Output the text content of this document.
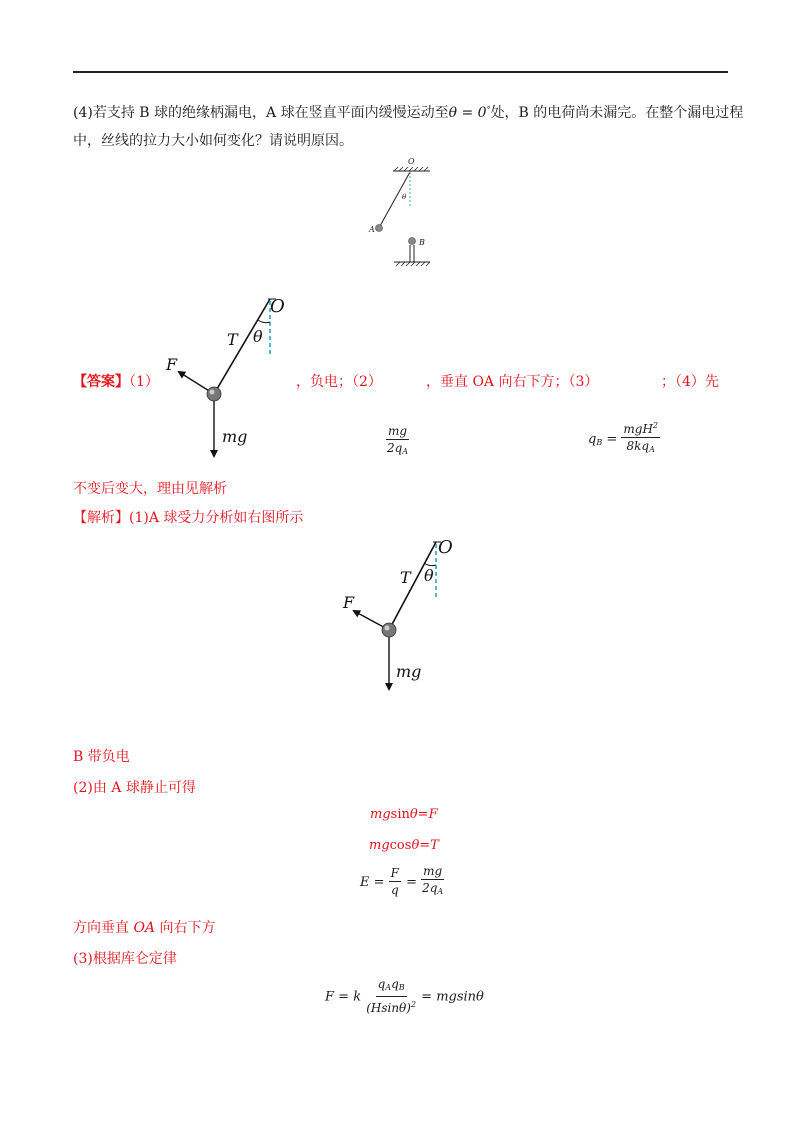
(4)若支持 B 球的绝缘柄漏电，A 球在竖直平面内缓慢运动至θ = 0°处，B 的电荷尚未漏完。在整个漏电过程
中，丝线的拉力大小如何变化？请说明原因。
O
θ
A
B
O
T θ
F
mg
【答案】（1）	，负电；（2）	，垂直 OA 向右下方；（3）	；（4）先
$\frac{mg}{2q_A}$	$q_B = \frac{mgH^2}{8kq_A}$
不变后变大，理由见解析
【解析】(1)A 球受力分析如右图所示
O
T θ
F
mg
B 带负电
(2)由 A 球静止可得
mgsinθ=F
mgcosθ=T
$E = \frac{F}{q} = \frac{mg}{2q_A}$
方向垂直 OA 向右下方
(3)根据库仑定律
F = k $\frac{q_Aq_B}{(Hsin\theta)^2} = mgsin\theta$
